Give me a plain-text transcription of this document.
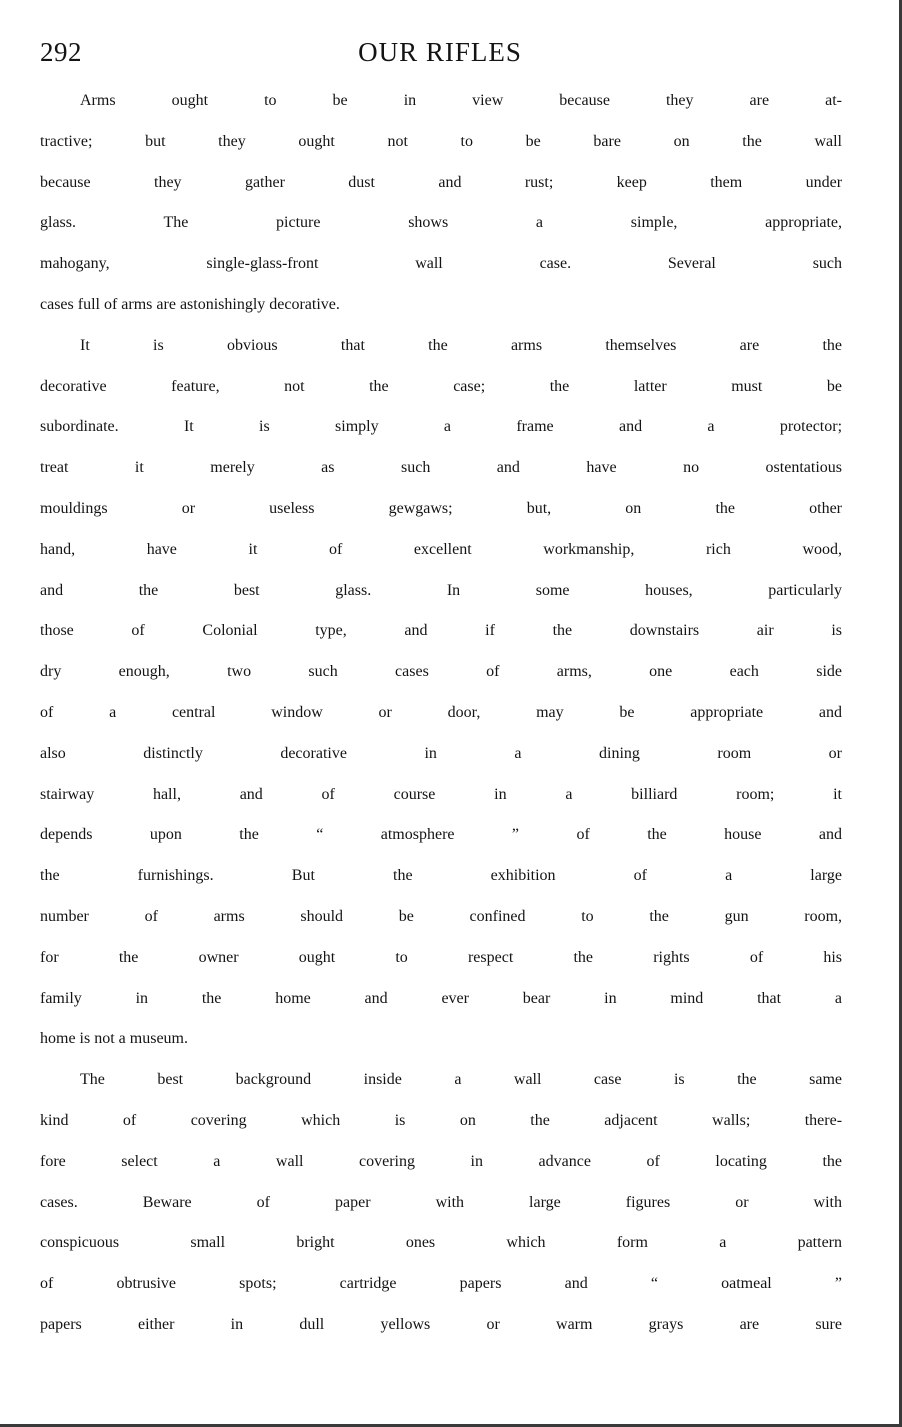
292	OUR RIFLES
Arms ought to be in view because they are at-
tractive; but they ought not to be bare on the wall
because they gather dust and rust; keep them under
glass. The picture shows a simple, appropriate,
mahogany, single-glass-front wall case. Several such
cases full of arms are astonishingly decorative.
It is obvious that the arms themselves are the
decorative feature, not the case; the latter must be
subordinate. It is simply a frame and a protector;
treat it merely as such and have no ostentatious
mouldings or useless gewgaws; but, on the other
hand, have it of excellent workmanship, rich wood,
and the best glass. In some houses, particularly
those of Colonial type, and if the downstairs air is
dry enough, two such cases of arms, one each side
of a central window or door, may be appropriate and
also distinctly decorative in a dining room or
stairway hall, and of course in a billiard room; it
depends upon the “ atmosphere ” of the house and
the furnishings. But the exhibition of a large
number of arms should be confined to the gun room,
for the owner ought to respect the rights of his
family in the home and ever bear in mind that a
home is not a museum.
The best background inside a wall case is the same
kind of covering which is on the adjacent walls; there-
fore select a wall covering in advance of locating the
cases. Beware of paper with large figures or with
conspicuous small bright ones which form a pattern
of obtrusive spots; cartridge papers and “ oatmeal ”
papers either in dull yellows or warm grays are sure
